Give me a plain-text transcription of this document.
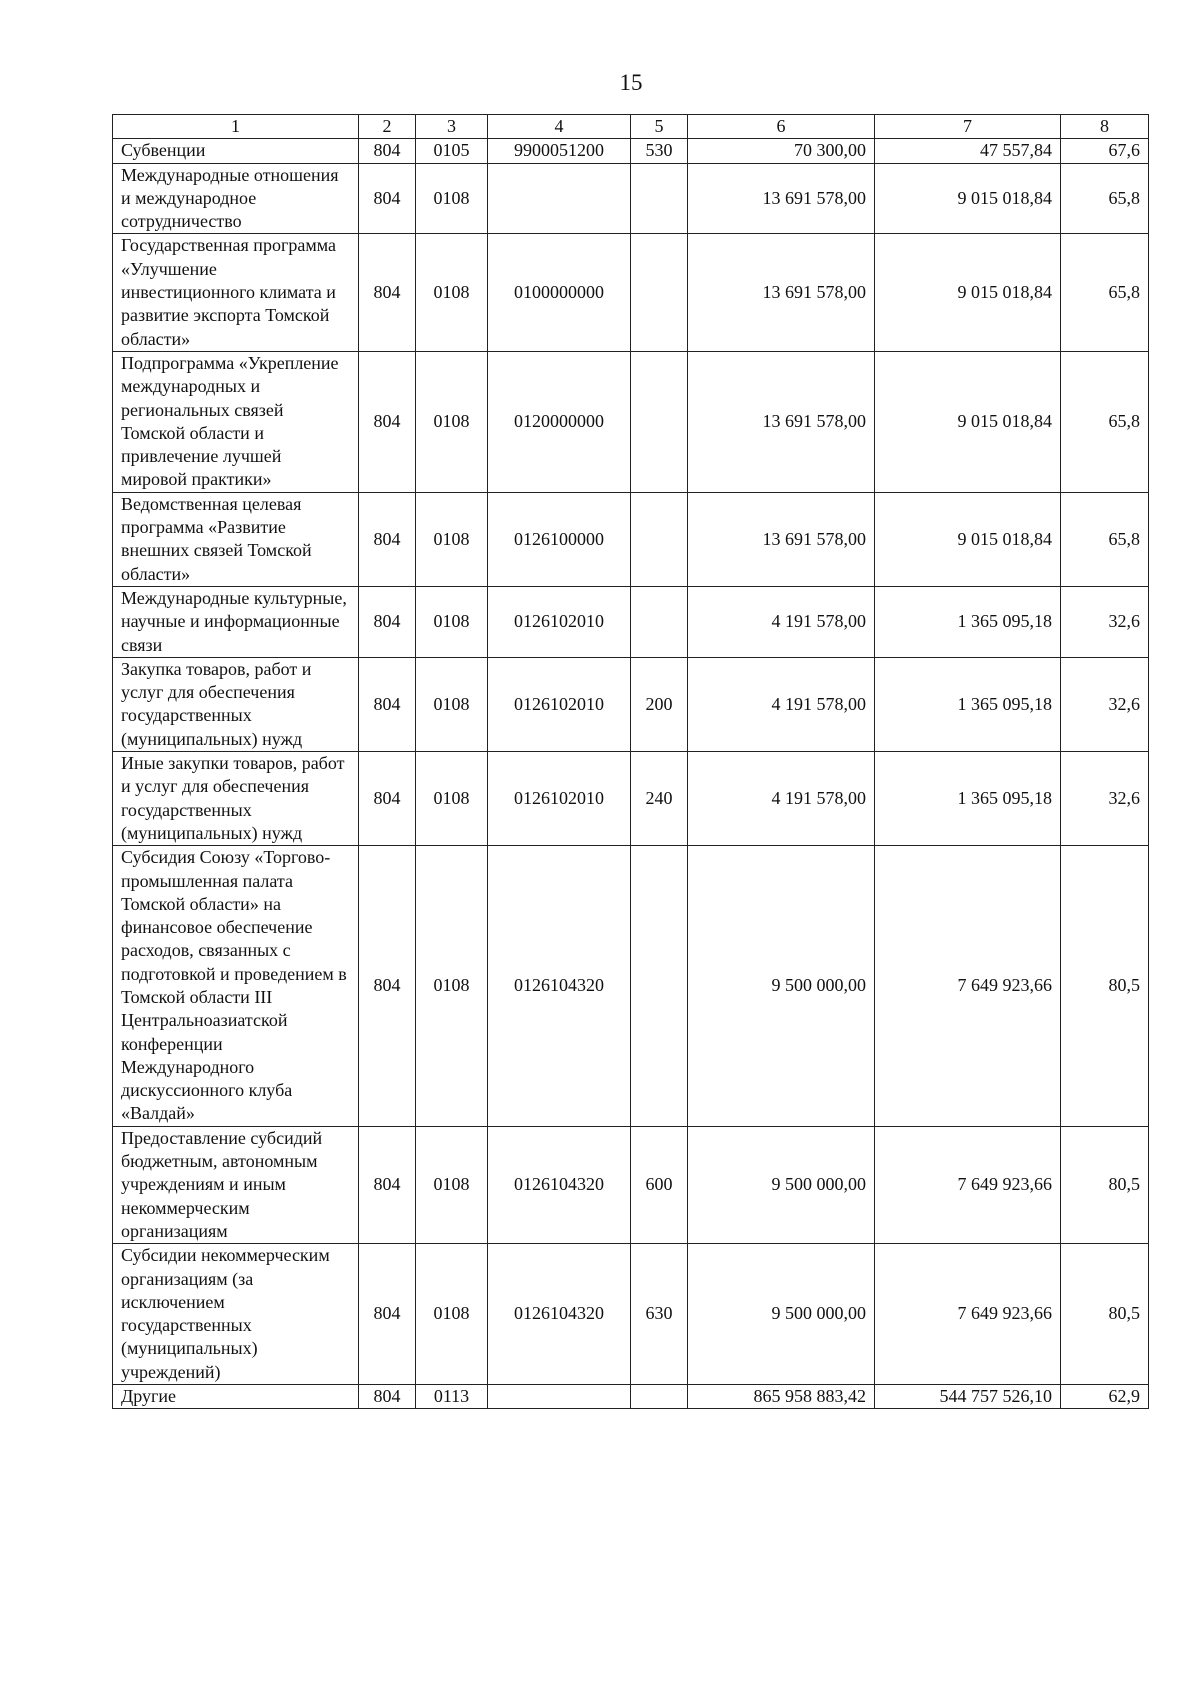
15
1	2	3	4	5	6	7	8
Субвенции	804	0105	9900051200	530	70 300,00	47 557,84	67,6
Международные отношения и международное сотрудничество	804	0108			13 691 578,00	9 015 018,84	65,8
Государственная программа «Улучшение инвестиционного климата и развитие экспорта Томской области»	804	0108	0100000000		13 691 578,00	9 015 018,84	65,8
Подпрограмма «Укрепление международных и региональных связей Томской области и привлечение лучшей мировой практики»	804	0108	0120000000		13 691 578,00	9 015 018,84	65,8
Ведомственная целевая программа «Развитие внешних связей Томской области»	804	0108	0126100000		13 691 578,00	9 015 018,84	65,8
Международные культурные, научные и информационные связи	804	0108	0126102010		4 191 578,00	1 365 095,18	32,6
Закупка товаров, работ и услуг для обеспечения государственных (муниципальных) нужд	804	0108	0126102010	200	4 191 578,00	1 365 095,18	32,6
Иные закупки товаров, работ и услуг для обеспечения государственных (муниципальных) нужд	804	0108	0126102010	240	4 191 578,00	1 365 095,18	32,6
Субсидия Союзу «Торгово-промышленная палата Томской области» на финансовое обеспечение расходов, связанных с подготовкой и проведением в Томской области III Центральноазиатской конференции Международного дискуссионного клуба «Валдай»	804	0108	0126104320		9 500 000,00	7 649 923,66	80,5
Предоставление субсидий бюджетным, автономным учреждениям и иным некоммерческим организациям	804	0108	0126104320	600	9 500 000,00	7 649 923,66	80,5
Субсидии некоммерческим организациям (за исключением государственных (муниципальных) учреждений)	804	0108	0126104320	630	9 500 000,00	7 649 923,66	80,5
Другие	804	0113			865 958 883,42	544 757 526,10	62,9
